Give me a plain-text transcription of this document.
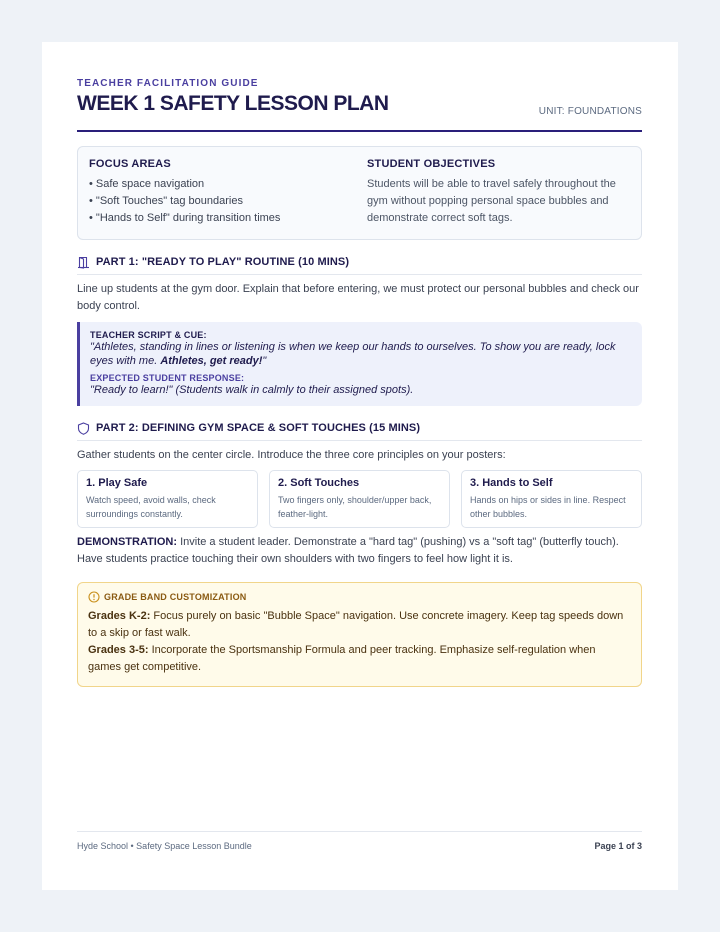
TEACHER FACILITATION GUIDE
WEEK 1 SAFETY LESSON PLAN	UNIT: FOUNDATIONS
FOCUS AREAS
• Safe space navigation
• "Soft Touches" tag boundaries
• "Hands to Self" during transition times
STUDENT OBJECTIVES

Students will be able to travel safely throughout the gym without popping personal space bubbles and demonstrate correct soft tags.

PART 1: "READY TO PLAY" ROUTINE (10 MINS)

Line up students at the gym door. Explain that before entering, we must protect our personal bubbles and check our body control.

TEACHER SCRIPT & CUE:
"Athletes, standing in lines or listening is when we keep our hands to ourselves. To show you are ready, lock eyes with me. Athletes, get ready!"
EXPECTED STUDENT RESPONSE:
"Ready to learn!" (Students walk in calmly to their assigned spots).
PART 2: DEFINING GYM SPACE & SOFT TOUCHES (15 MINS)

Gather students on the center circle. Introduce the three core principles on your posters:

1. Play Safe

Watch speed, avoid walls, check surroundings constantly.

2. Soft Touches

Two fingers only, shoulder/upper back, feather-light.

3. Hands to Self

Hands on hips or sides in line. Respect other bubbles.

DEMONSTRATION: Invite a student leader. Demonstrate a "hard tag" (pushing) vs a "soft tag" (butterfly touch). Have students practice touching their own shoulders with two fingers to feel how light it is.

GRADE BAND CUSTOMIZATION

Grades K-2: Focus purely on basic "Bubble Space" navigation. Use concrete imagery. Keep tag speeds down to a skip or fast walk.

Grades 3-5: Incorporate the Sportsmanship Formula and peer tracking. Emphasize self-regulation when games get competitive.

Hyde School • Safety Space Lesson Bundle	Page 1 of 3
